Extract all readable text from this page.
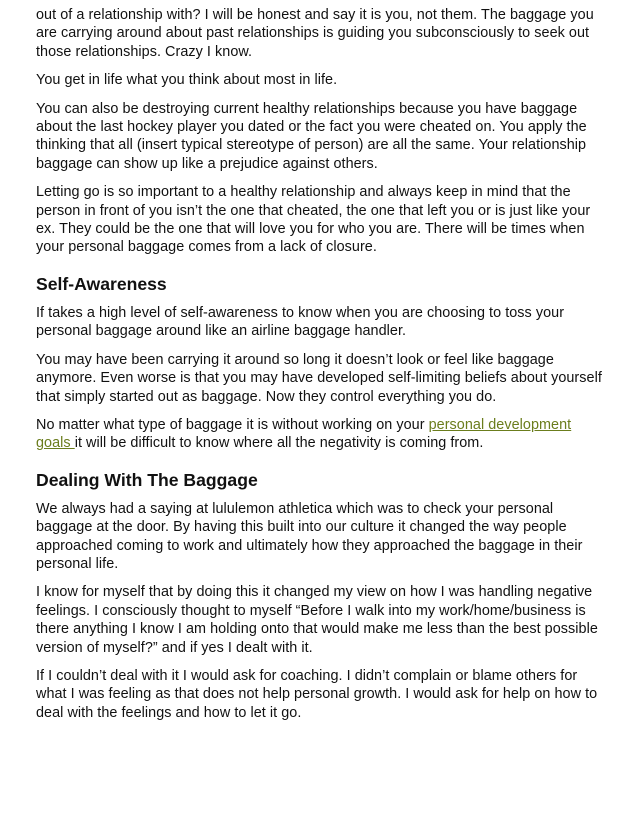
out of a relationship with? I will be honest and say it is you, not them. The baggage you are carrying around about past relationships is guiding you subconsciously to seek out those relationships. Crazy I know.

You get in life what you think about most in life.

You can also be destroying current healthy relationships because you have baggage about the last hockey player you dated or the fact you were cheated on. You apply the thinking that all (insert typical stereotype of person) are all the same. Your relationship baggage can show up like a prejudice against others.

Letting go is so important to a healthy relationship and always keep in mind that the person in front of you isn’t the one that cheated, the one that left you or is just like your ex. They could be the one that will love you for who you are. There will be times when your personal baggage comes from a lack of closure.

Self-Awareness

If takes a high level of self-awareness to know when you are choosing to toss your personal baggage around like an airline baggage handler.

You may have been carrying it around so long it doesn’t look or feel like baggage anymore. Even worse is that you may have developed self-limiting beliefs about yourself that simply started out as baggage. Now they control everything you do.

No matter what type of baggage it is without working on your personal development goals it will be difficult to know where all the negativity is coming from.

Dealing With The Baggage

We always had a saying at lululemon athletica which was to check your personal baggage at the door. By having this built into our culture it changed the way people approached coming to work and ultimately how they approached the baggage in their personal life.

I know for myself that by doing this it changed my view on how I was handling negative feelings. I consciously thought to myself “Before I walk into my work/home/business is there anything I know I am holding onto that would make me less than the best possible version of myself?” and if yes I dealt with it.

If I couldn’t deal with it I would ask for coaching. I didn’t complain or blame others for what I was feeling as that does not help personal growth. I would ask for help on how to deal with the feelings and how to let it go.
